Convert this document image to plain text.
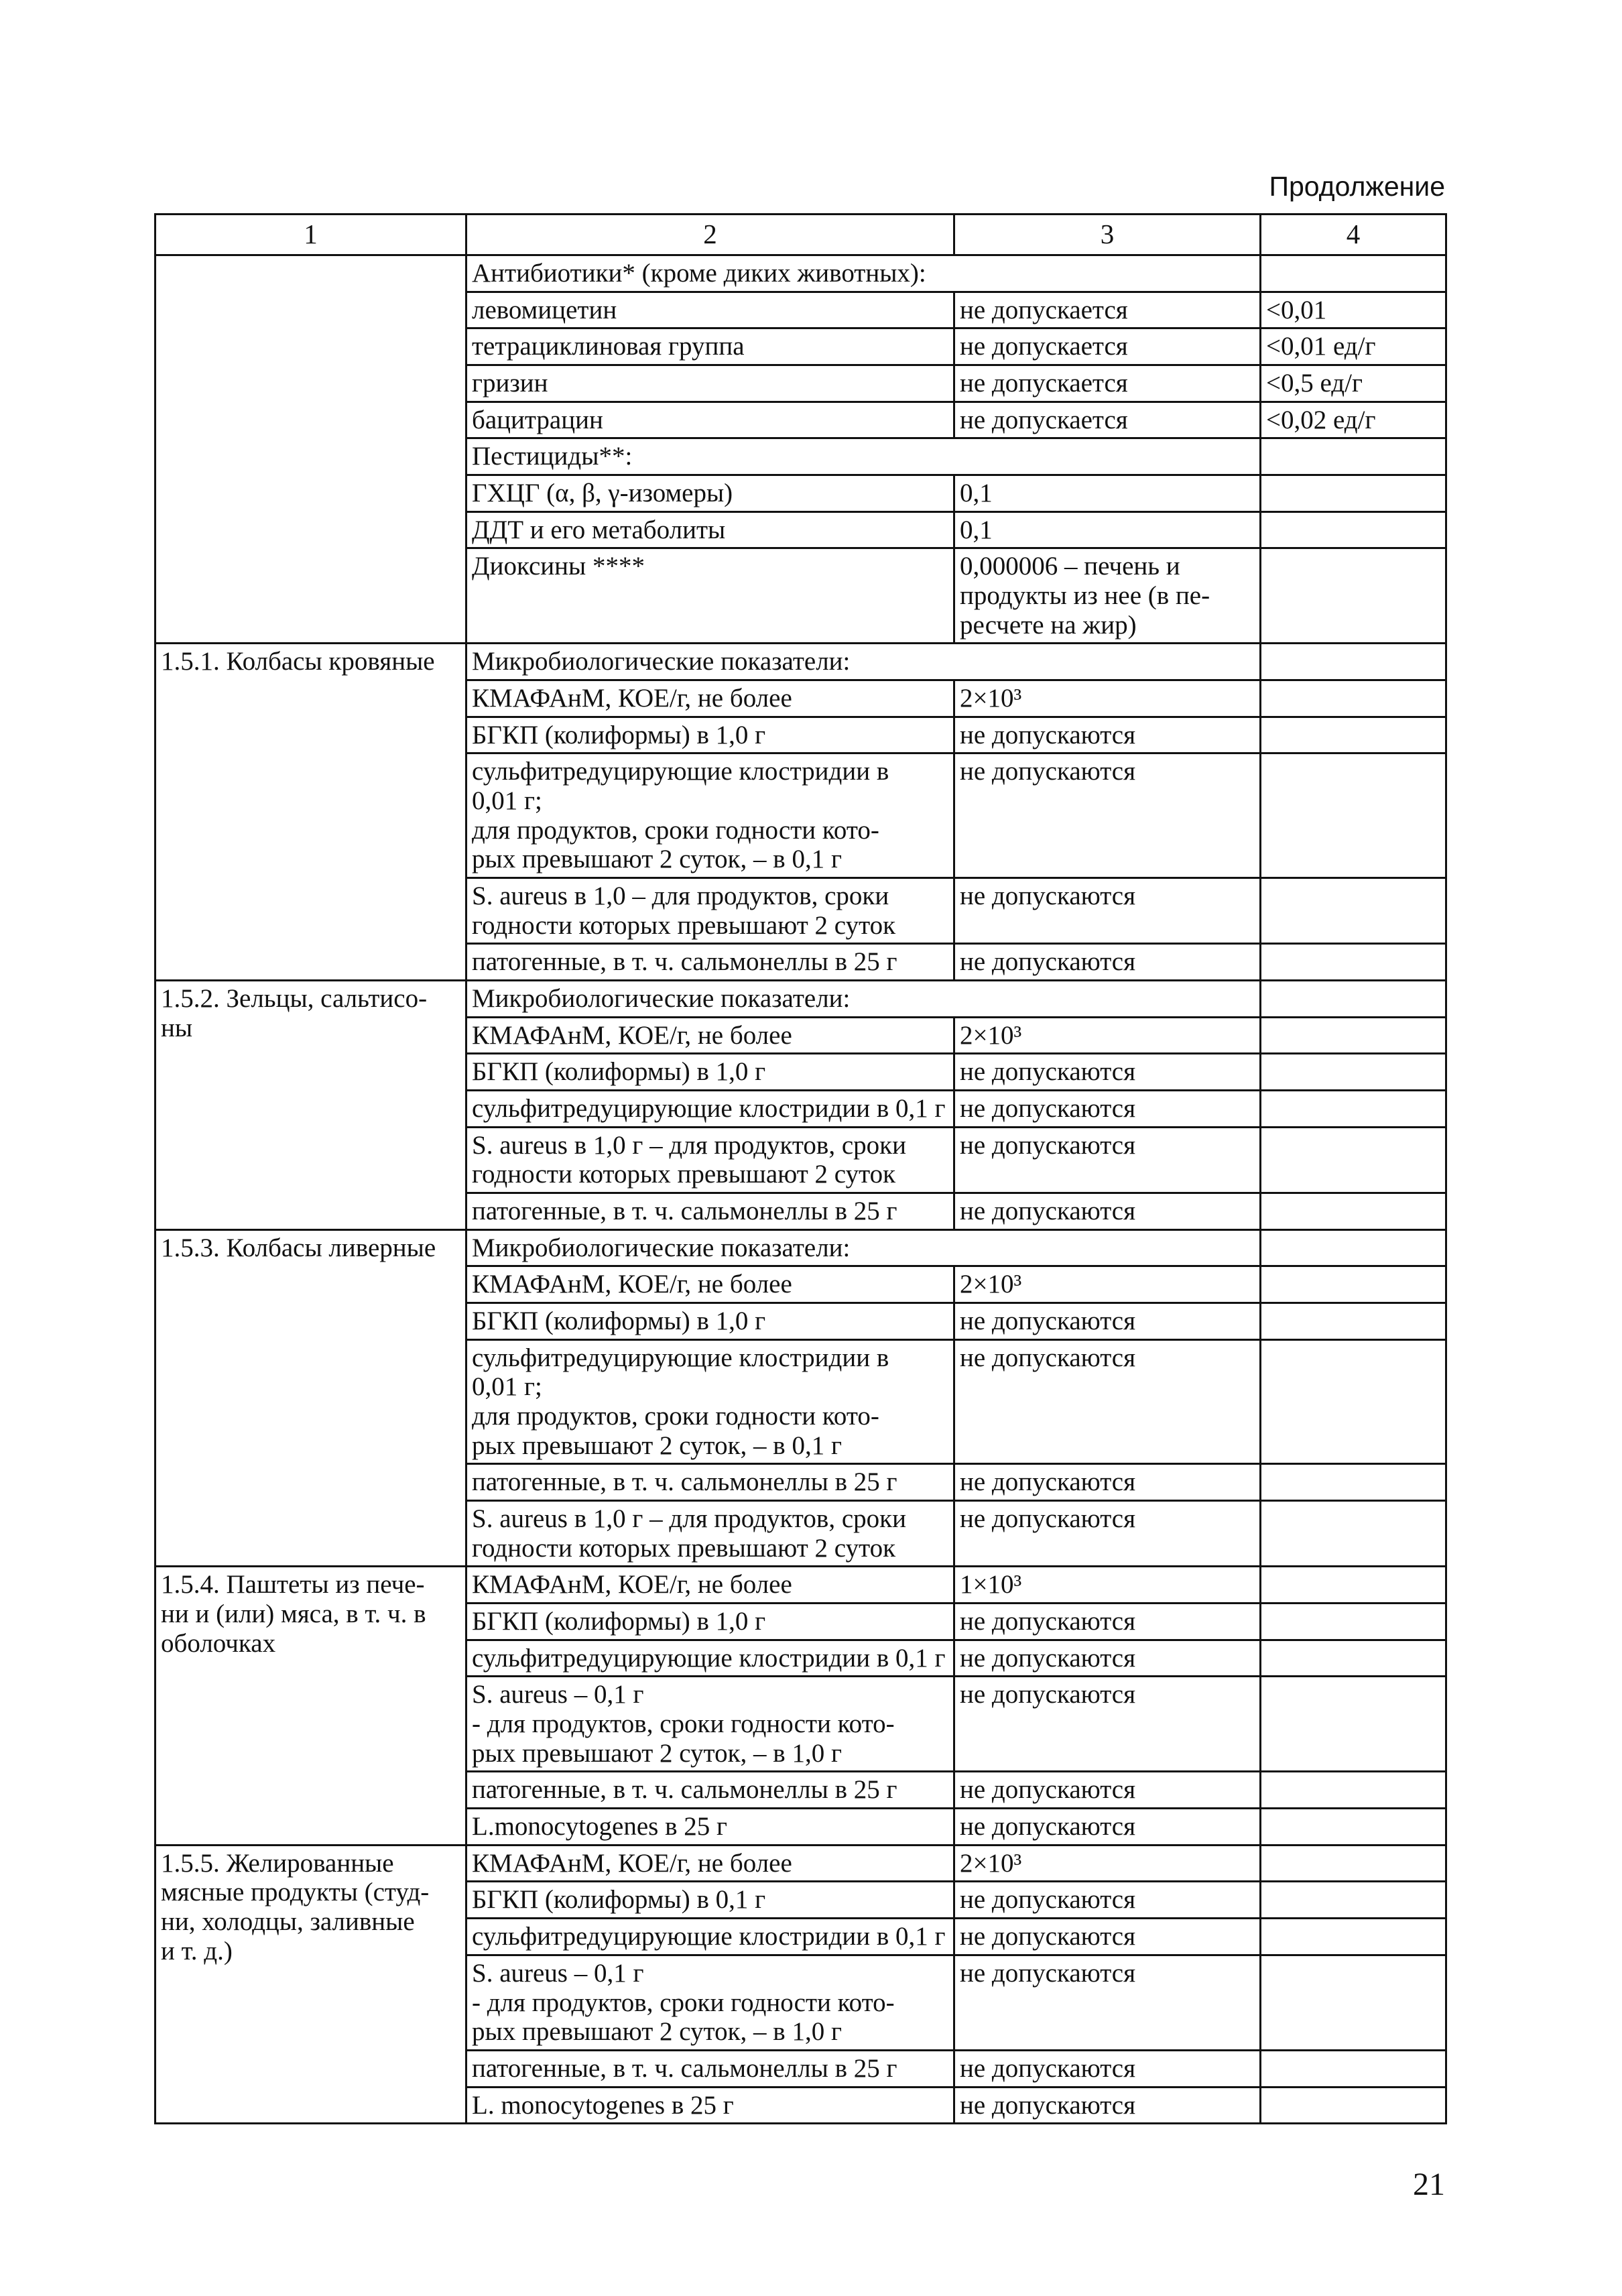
Продолжение
1	2	3	4
	Антибиотики* (кроме диких животных):		
	левомицетин	не допускается	<0,01
	тетрациклиновая группа	не допускается	<0,01 ед/г
	гризин	не допускается	<0,5 ед/г
	бацитрацин	не допускается	<0,02 ед/г
	Пестициды**:		
	ГХЦГ (α, β, γ-изомеры)	0,1	
	ДДТ и его метаболиты	0,1	
	Диоксины ****	0,000006 – печень и
продукты из нее (в пе-
ресчете на жир)	
1.5.1. Колбасы кровяные	Микробиологические показатели:		
	КМАФАнМ, КОЕ/г, не более	2×10³	
	БГКП (колиформы) в 1,0 г	не допускаются	
	сульфитредуцирующие клостридии в
0,01 г;
для продуктов, сроки годности кото-
рых превышают 2 суток, – в 0,1 г	не допускаются	
	S. aureus в 1,0 – для продуктов, сроки
годности которых превышают 2 суток	не допускаются	
	патогенные, в т. ч. сальмонеллы в 25 г	не допускаются	
1.5.2. Зельцы, сальтисо-
ны	Микробиологические показатели:		
	КМАФАнМ, КОЕ/г, не более	2×10³	
	БГКП (колиформы) в 1,0 г	не допускаются	
	сульфитредуцирующие клостридии в 0,1 г	не допускаются	
	S. aureus в 1,0 г – для продуктов, сроки
годности которых превышают 2 суток	не допускаются	
	патогенные, в т. ч. сальмонеллы в 25 г	не допускаются	
1.5.3. Колбасы ливерные	Микробиологические показатели:		
	КМАФАнМ, КОЕ/г, не более	2×10³	
	БГКП (колиформы) в 1,0 г	не допускаются	
	сульфитредуцирующие клостридии в
0,01 г;
для продуктов, сроки годности кото-
рых превышают 2 суток, – в 0,1 г	не допускаются	
	патогенные, в т. ч. сальмонеллы в 25 г	не допускаются	
	S. aureus в 1,0 г – для продуктов, сроки
годности которых превышают 2 суток	не допускаются	
1.5.4. Паштеты из пече-
ни и (или) мяса, в т. ч. в
оболочках	КМАФАнМ, КОЕ/г, не более	1×10³	
	БГКП (колиформы) в 1,0 г	не допускаются	
	сульфитредуцирующие клостридии в 0,1 г	не допускаются	
	S. aureus – 0,1 г
- для продуктов, сроки годности кото-
рых превышают 2 суток, – в 1,0 г	не допускаются	
	патогенные, в т. ч. сальмонеллы в 25 г	не допускаются	
	L.monocytogenes в 25 г	не допускаются	
1.5.5. Желированные
мясные продукты (студ-
ни, холодцы, заливные
и т. д.)	КМАФАнМ, КОЕ/г, не более	2×10³	
	БГКП (колиформы) в 0,1 г	не допускаются	
	сульфитредуцирующие клостридии в 0,1 г	не допускаются	
	S. aureus – 0,1 г
- для продуктов, сроки годности кото-
рых превышают 2 суток, – в 1,0 г	не допускаются	
	патогенные, в т. ч. сальмонеллы в 25 г	не допускаются	
	L. monocytogenes в 25 г	не допускаются	
21
